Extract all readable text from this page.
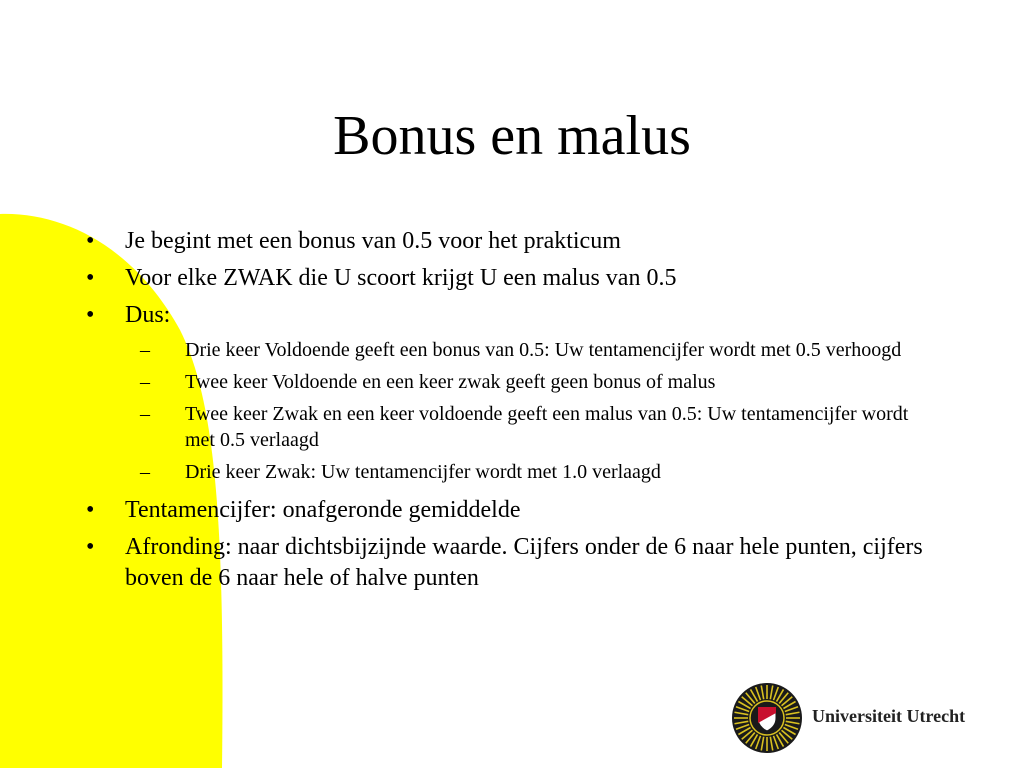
Bonus en malus
• Je begint met een bonus van 0.5 voor het prakticum
• Voor elke ZWAK die U scoort krijgt U een malus van 0.5
• Dus:
– Drie keer Voldoende geeft een bonus van 0.5: Uw tentamencijfer wordt met 0.5 verhoogd
– Twee keer Voldoende en een keer zwak geeft geen bonus of malus
– Twee keer Zwak en een keer voldoende geeft een malus van 0.5: Uw tentamencijfer wordt met 0.5 verlaagd
– Drie keer Zwak: Uw tentamencijfer wordt met 1.0 verlaagd
• Tentamencijfer: onafgeronde gemiddelde
• Afronding: naar dichtsbijzijnde waarde. Cijfers onder de 6 naar hele punten, cijfers boven de 6 naar hele of halve punten
Universiteit Utrecht
